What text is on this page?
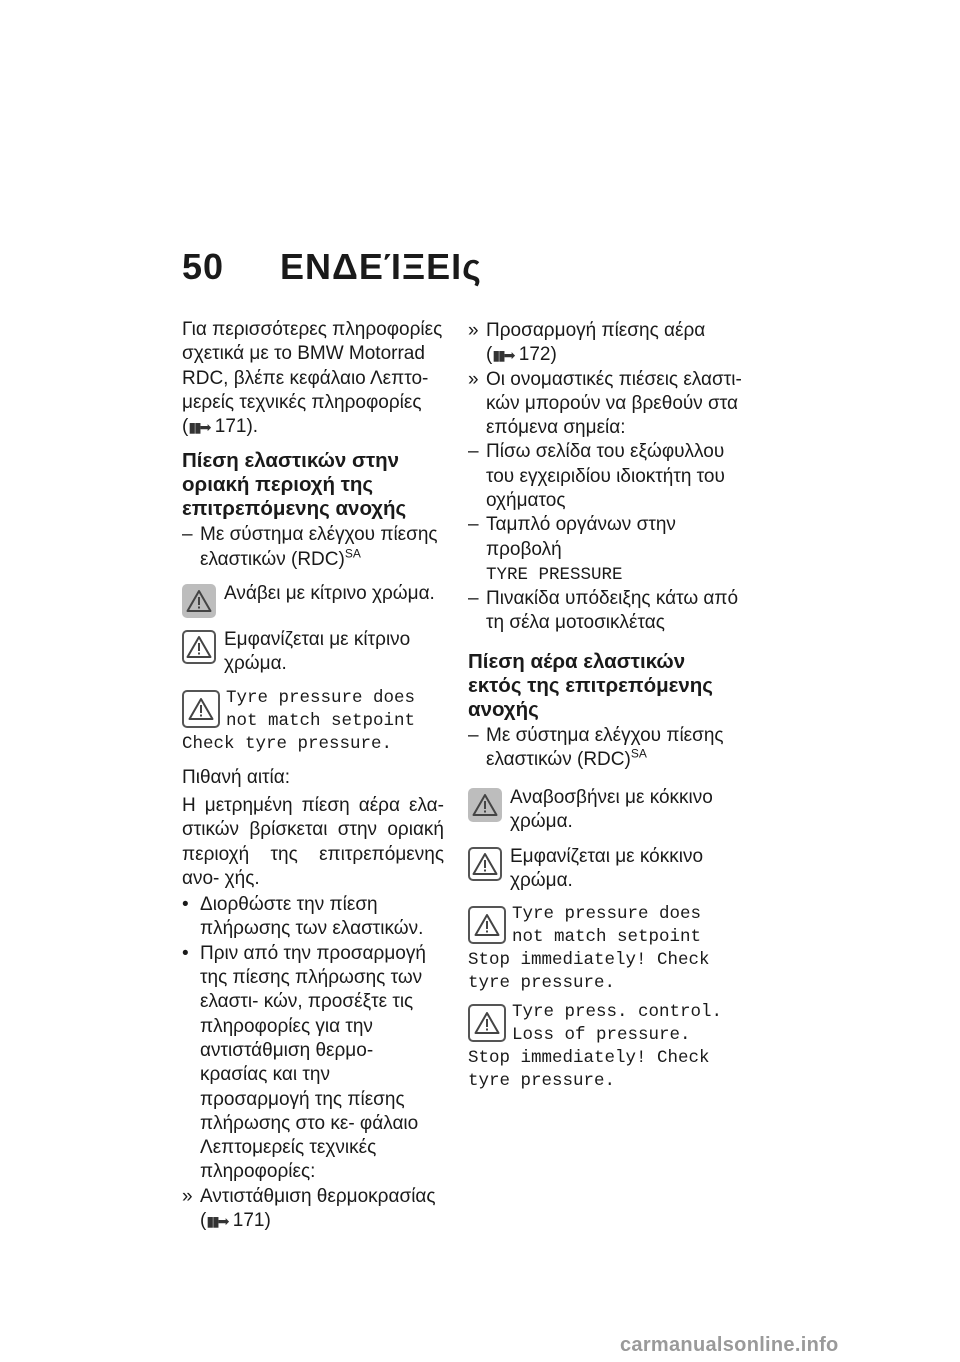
50 ΕΝΔΕΊΞΕΙς

Για περισσότερες πληροφορίες

σχετικά με το BMW Motorrad

RDC, βλέπε κεφάλαιο Λεπτο-

μερείς τεχνικές πληροφορίες

(▮▮➡ 171).

Πίεση ελαστικών στην οριακή περιοχή της επιτρεπόμενης ανοχής
– Με σύστημα ελέγχου πίεσης ελαστικών (RDC)$^{SA}$
Ανάβει με κίτρινο χρώμα.
Εμφανίζεται με κίτρινο χρώμα.
Tyre pressure does
not match setpoint
Check tyre pressure.

Πιθανή αιτία:

Η μετρημένη πίεση αέρα ελα- στικών βρίσκεται στην οριακή περιοχή της επιτρεπόμενης ανο- χής.

• Διορθώστε την πίεση πλήρωσης των ελαστικών.
• Πριν από την προσαρμογή της πίεσης πλήρωσης των ελαστι- κών, προσέξτε τις πληροφορίες για την αντιστάθμιση θερμο- κρασίας και την προσαρμογή της πίεσης πλήρωσης στο κε- φάλαιο Λεπτομερείς τεχνικές πληροφορίες:
» Αντιστάθμιση θερμοκρασίας
(▮▮➡ 171)
» Προσαρμογή πίεσης αέρα
(▮▮➡ 172)
» Οι ονομαστικές πιέσεις ελαστι- κών μπορούν να βρεθούν στα επόμενα σημεία:
– Πίσω σελίδα του εξώφυλλου του εγχειριδίου ιδιοκτήτη του οχήματος
– Ταμπλό οργάνων στην προβολή
TYRE PRESSURE
– Πινακίδα υπόδειξης κάτω από τη σέλα μοτοσικλέτας
Πίεση αέρα ελαστικών εκτός της επιτρεπόμενης ανοχής
– Με σύστημα ελέγχου πίεσης ελαστικών (RDC)$^{SA}$
Αναβοσβήνει με κόκκινο χρώμα.
Εμφανίζεται με κόκκινο χρώμα.
Tyre pressure does
not match setpoint
Stop immediately! Check
tyre pressure.
Tyre press. control.
Loss of pressure.
Stop immediately! Check
tyre pressure.
carmanualsonline.info
